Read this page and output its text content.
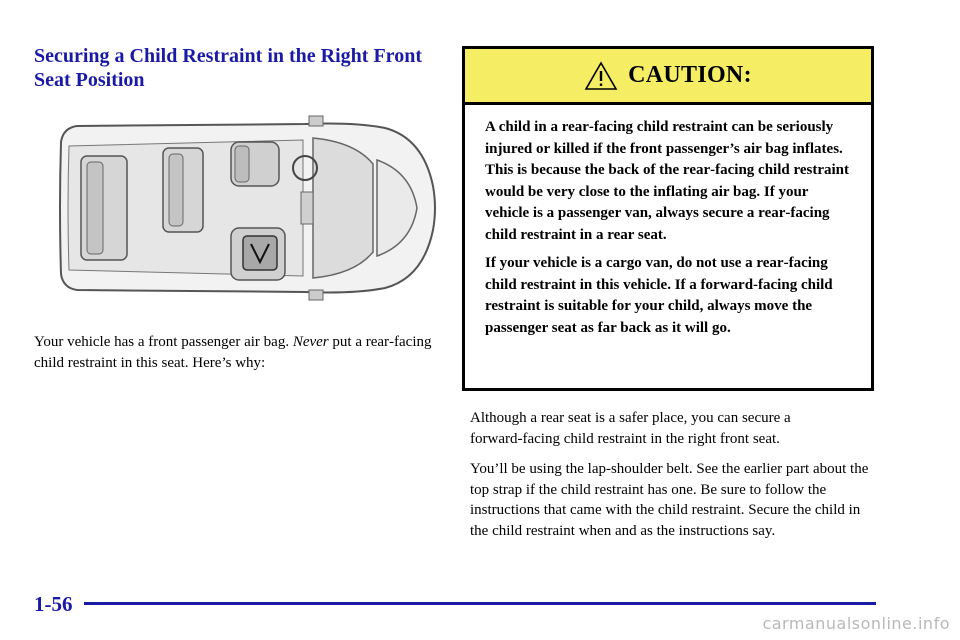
Securing a Child Restraint in the Right Front Seat Position

Your vehicle has a front passenger air bag. Never put a rear‑facing child restraint in this seat. Here’s why:

CAUTION:

A child in a rear‑facing child restraint can be seriously injured or killed if the front passenger’s air bag inflates. This is because the back of the rear‑facing child restraint would be very close to the inflating air bag. If your vehicle is a passenger van, always secure a rear‑facing child restraint in a rear seat.

If your vehicle is a cargo van, do not use a rear‑facing child restraint in this vehicle. If a forward‑facing child restraint is suitable for your child, always move the passenger seat as far back as it will go.

Although a rear seat is a safer place, you can secure a forward‑facing child restraint in the right front seat.

You’ll be using the lap‑shoulder belt. See the earlier part about the top strap if the child restraint has one. Be sure to follow the instructions that came with the child restraint. Secure the child in the child restraint when and as the instructions say.

1-56

carmanualsonline.info
